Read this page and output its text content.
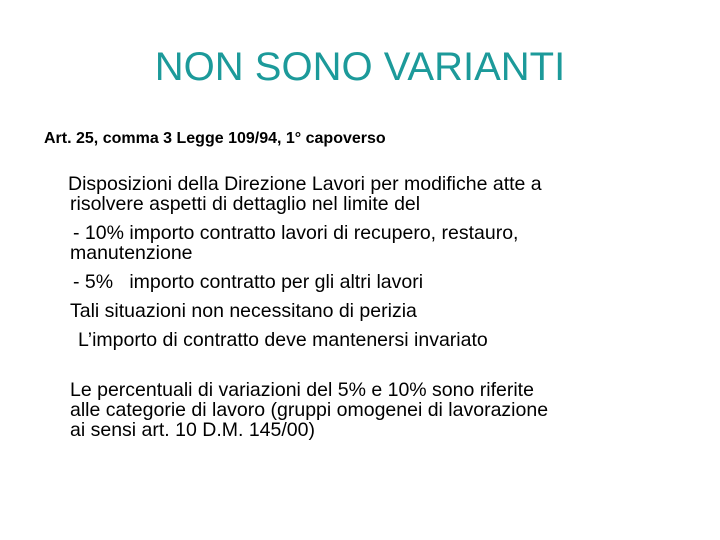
NON SONO VARIANTI

Art. 25, comma 3 Legge 109/94, 1° capoverso

Disposizioni della Direzione Lavori per modifiche atte a
risolvere aspetti di dettaglio nel limite del
- 10% importo contratto lavori di recupero, restauro,
manutenzione
- 5%   importo contratto per gli altri lavori
Tali situazioni non necessitano di perizia
L’importo di contratto deve mantenersi invariato
Le percentuali di variazioni del 5% e 10% sono riferite
alle categorie di lavoro (gruppi omogenei di lavorazione
ai sensi art. 10 D.M. 145/00)
